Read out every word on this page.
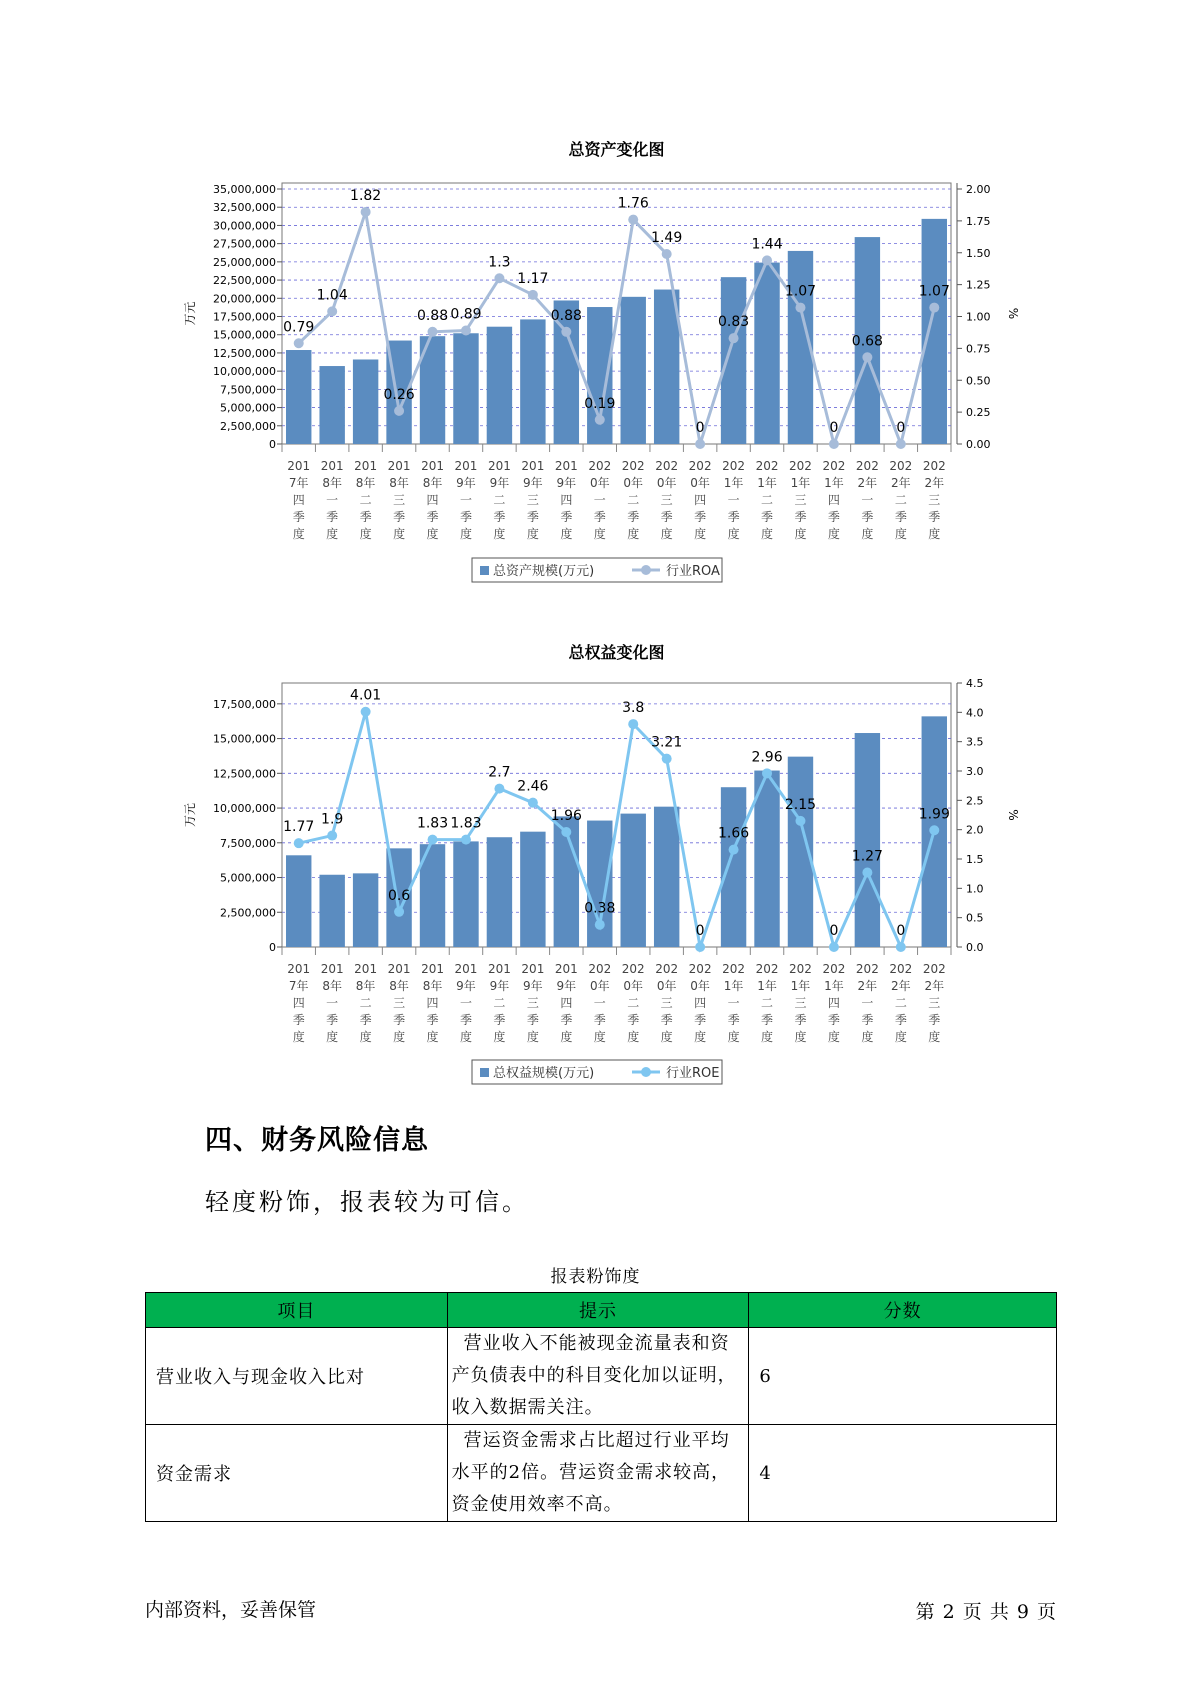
总资产变化图
0
2,500,000
5,000,000
7,500,000
10,000,000
12,500,000
15,000,000
17,500,000
20,000,000
22,500,000
25,000,000
27,500,000
30,000,000
32,500,000
35,000,000
0.00
0.25
0.50
0.75
1.00
1.25
1.50
1.75
2.00
万元	%
201
7年
四
季
度
201
8年
一
季
度
201
8年
二
季
度
201
8年
三
季
度
201
8年
四
季
度
201
9年
一
季
度
201
9年
二
季
度
201
9年
三
季
度
201
9年
四
季
度
202
0年
一
季
度
202
0年
二
季
度
202
0年
三
季
度
202
0年
四
季
度
202
1年
一
季
度
202
1年
二
季
度
202
1年
三
季
度
202
1年
四
季
度
202
2年
一
季
度
202
2年
二
季
度
202
2年
三
季
度
0.79
1.04
1.82
0.26
0.88 0.89
1.3
1.17
0.88
0.19
1.76
1.49
0
0.83
1.44
1.07
0
0.68
0
1.07
总资产规模(万元)	行业ROA
总权益变化图
0
2,500,000
5,000,000
7,500,000
10,000,000
12,500,000
15,000,000
17,500,000
0.0
0.5
1.0
1.5
2.0
2.5
3.0
3.5
4.0
4.5
万元	%
201
7年
四
季
度
201
8年
一
季
度
201
8年
二
季
度
201
8年
三
季
度
201
8年
四
季
度
201
9年
一
季
度
201
9年
二
季
度
201
9年
三
季
度
201
9年
四
季
度
202
0年
一
季
度
202
0年
二
季
度
202
0年
三
季
度
202
0年
四
季
度
202
1年
一
季
度
202
1年
二
季
度
202
1年
三
季
度
202
1年
四
季
度
202
2年
一
季
度
202
2年
二
季
度
202
2年
三
季
度
1.77 1.9
4.01
0.6
1.83 1.83
2.7
2.46
1.96
0.38
3.8
3.21
0
1.66
2.96
2.15
0
1.27
0
1.99
总权益规模(万元)	行业ROE
四、财务风险信息
轻度粉饰，报表较为可信。
报表粉饰度
项目	提示	分数
营业收入与现金收入比对	营业收入不能被现金流量表和资产负债表中的科目变化加以证明，收入数据需关注。	6
资金需求	营运资金需求占比超过行业平均水平的2倍。营运资金需求较高，资金使用效率不高。	4
内部资料，妥善保管	第 2 页 共 9 页
